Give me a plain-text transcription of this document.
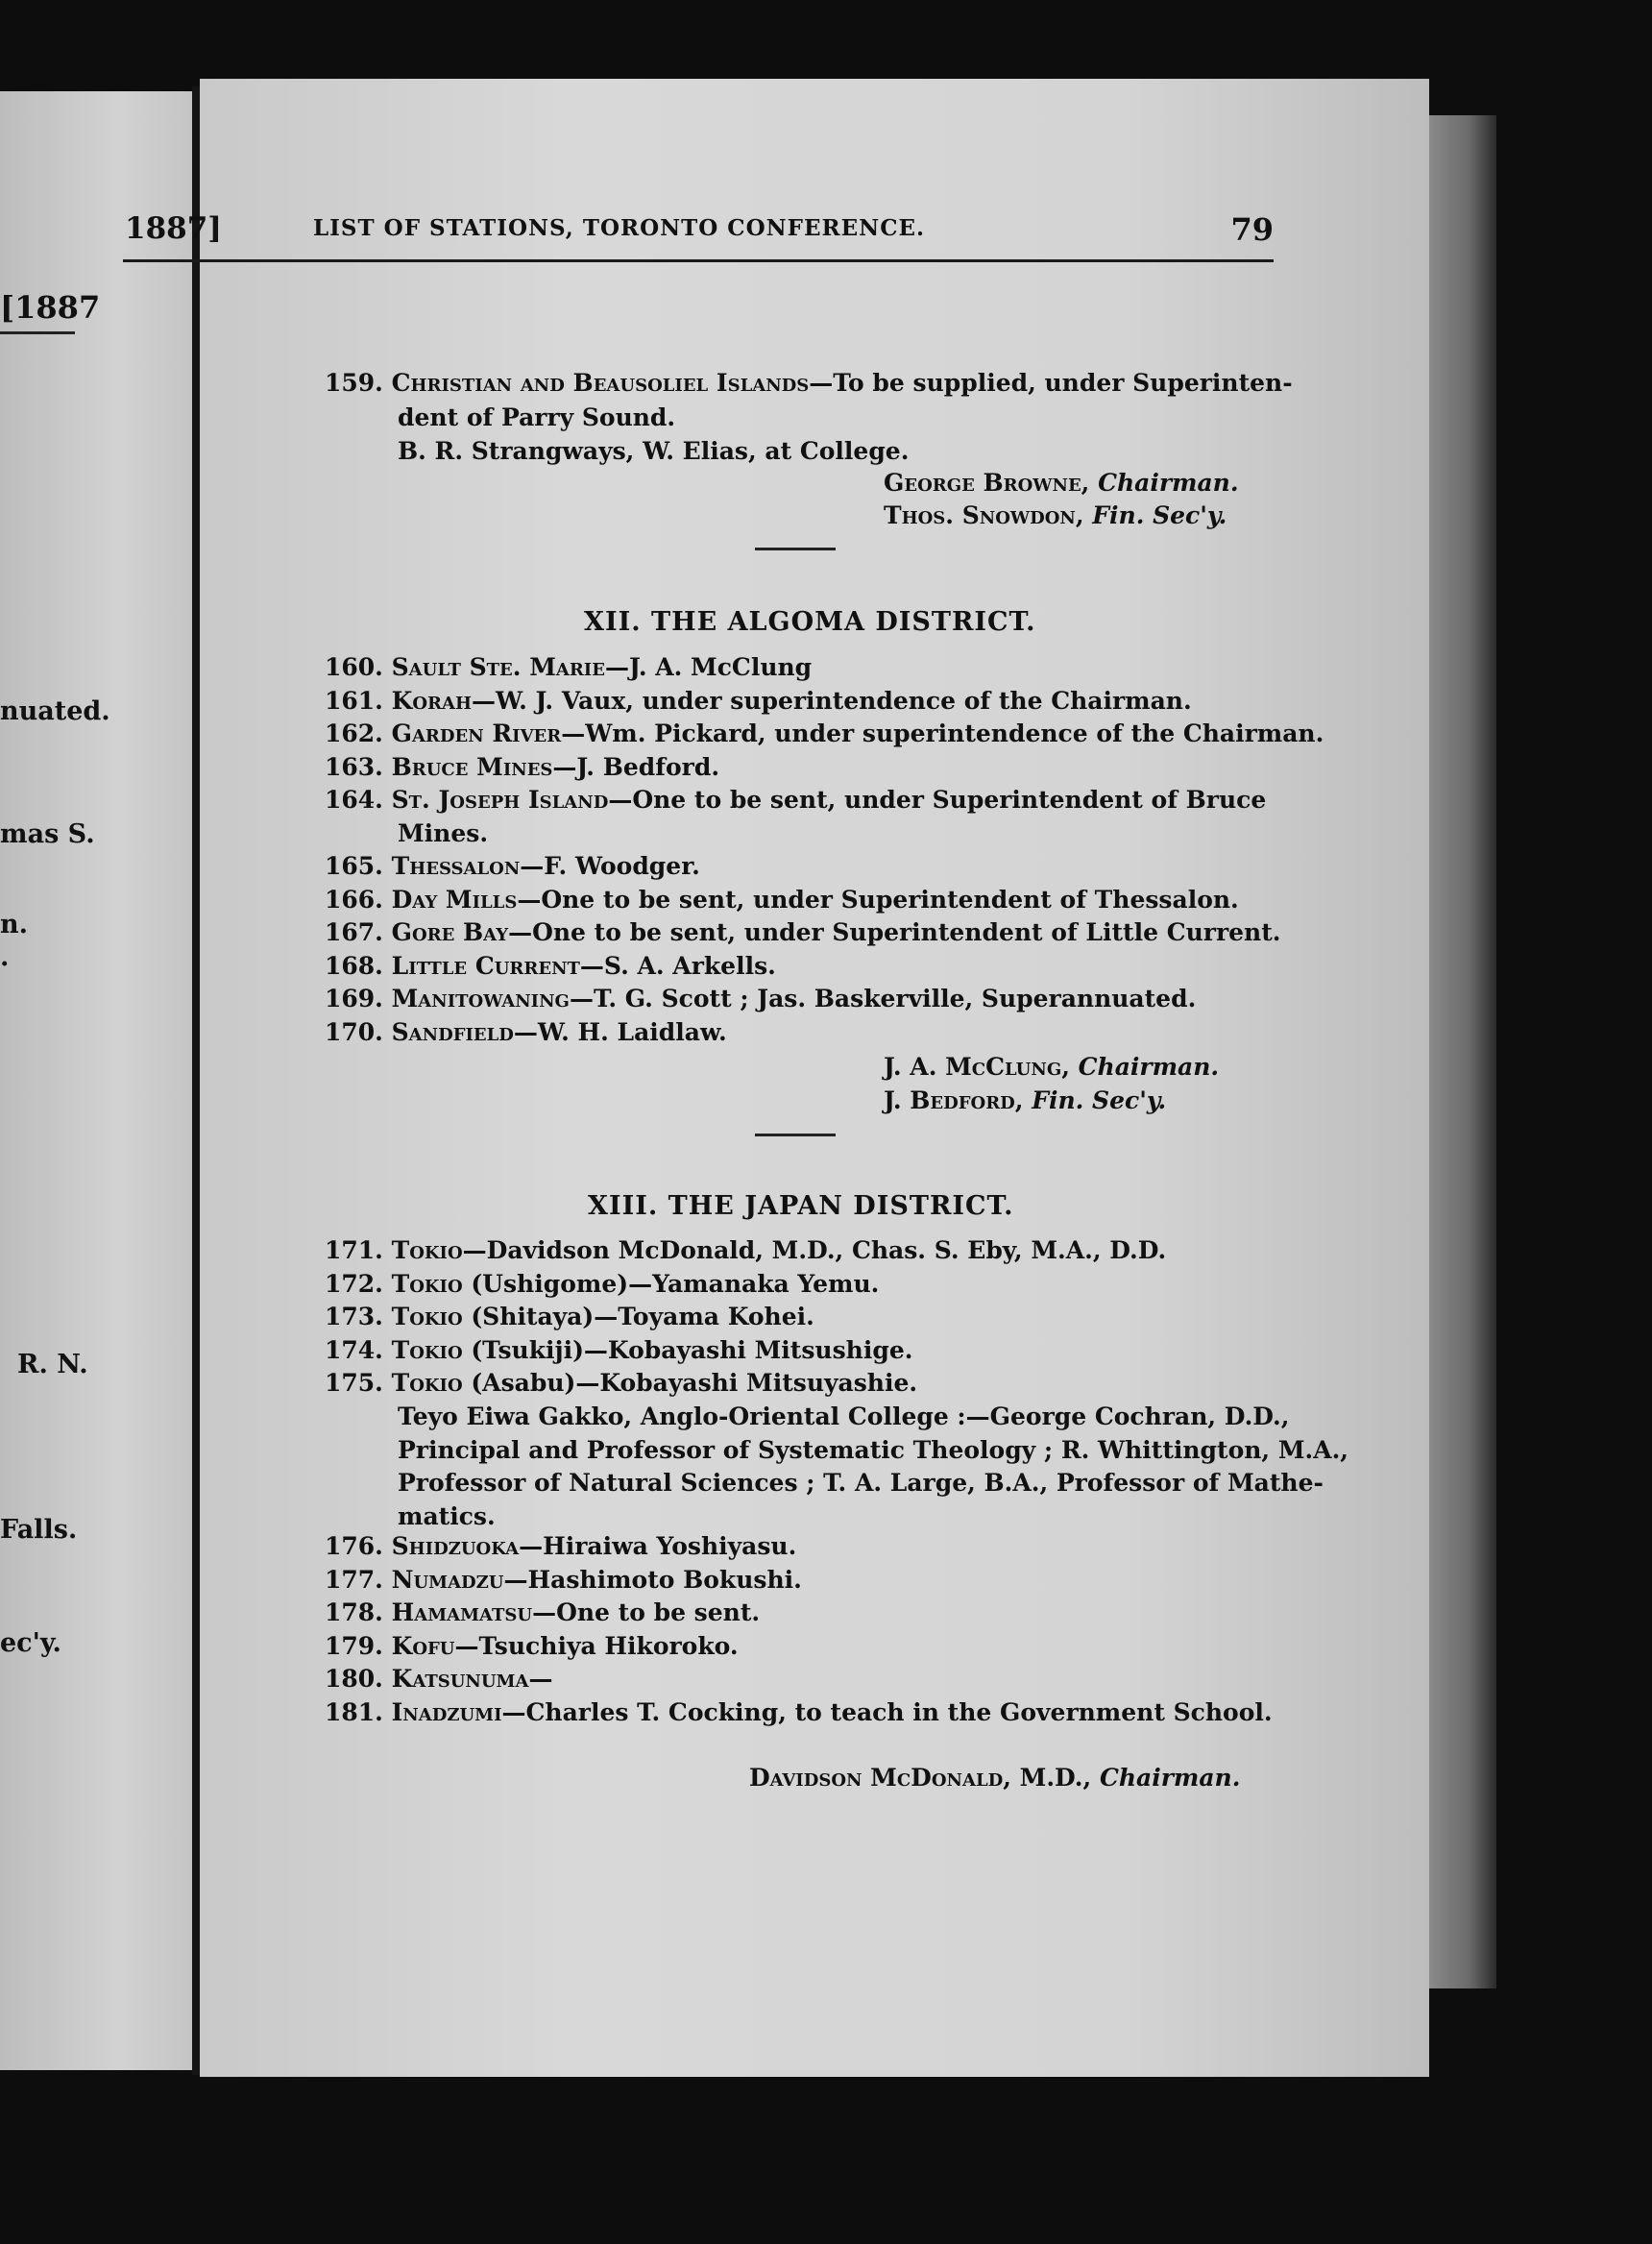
[1887
nuated.
mas S.
n.
.
R. N.
Falls.
ec'y.
1887]	LIST OF STATIONS, TORONTO CONFERENCE.	79
159. Christian and Beausoliel Islands—To be supplied, under Superinten-
dent of Parry Sound.
B. R. Strangways, W. Elias, at College.
George Browne, Chairman.
Thos. Snowdon, Fin. Sec'y.
XII. THE ALGOMA DISTRICT.
160. Sault Ste. Marie—J. A. McClung
161. Korah—W. J. Vaux, under superintendence of the Chairman.
162. Garden River—Wm. Pickard, under superintendence of the Chairman.
163. Bruce Mines—J. Bedford.
164. St. Joseph Island—One to be sent, under Superintendent of Bruce
Mines.
165. Thessalon—F. Woodger.
166. Day Mills—One to be sent, under Superintendent of Thessalon.
167. Gore Bay—One to be sent, under Superintendent of Little Current.
168. Little Current—S. A. Arkells.
169. Manitowaning—T. G. Scott ; Jas. Baskerville, Superannuated.
170. Sandfield—W. H. Laidlaw.
J. A. McClung, Chairman.
J. Bedford, Fin. Sec'y.
XIII. THE JAPAN DISTRICT.
171. Tokio—Davidson McDonald, M.D., Chas. S. Eby, M.A., D.D.
172. Tokio (Ushigome)—Yamanaka Yemu.
173. Tokio (Shitaya)—Toyama Kohei.
174. Tokio (Tsukiji)—Kobayashi Mitsushige.
175. Tokio (Asabu)—Kobayashi Mitsuyashie.
Teyo Eiwa Gakko, Anglo-Oriental College :—George Cochran, D.D.,
Principal and Professor of Systematic Theology ; R. Whittington, M.A.,
Professor of Natural Sciences ; T. A. Large, B.A., Professor of Mathe-
matics.
176. Shidzuoka—Hiraiwa Yoshiyasu.
177. Numadzu—Hashimoto Bokushi.
178. Hamamatsu—One to be sent.
179. Kofu—Tsuchiya Hikoroko.
180. Katsunuma—
181. Inadzumi—Charles T. Cocking, to teach in the Government School.
Davidson McDonald, M.D., Chairman.
